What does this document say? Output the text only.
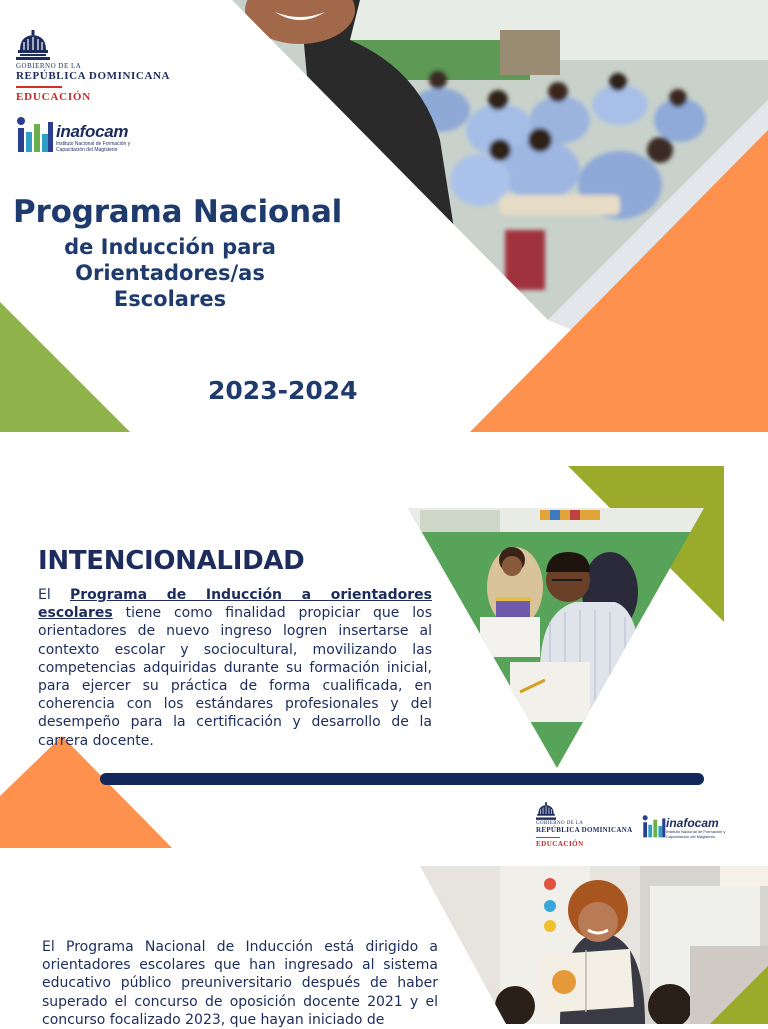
GOBIERNO DE LA
REPÚBLICA DOMINICANA
EDUCACIÓN
inafocam
Instituto Nacional de Formación y Capacitación del Magisterio
Programa Nacional
de Inducción para
Orientadores/as
Escolares
2023-2024
INTENCIONALIDAD
El Programa de Inducción a orientadores escolares tiene como finalidad propiciar que los orientadores de nuevo ingreso logren insertarse al contexto escolar y sociocultural, movilizando las competencias adquiridas durante su formación inicial, para ejercer su práctica de forma cualificada, en coherencia con los estándares profesionales y del desempeño para la certificación y desarrollo de la carrera docente.
GOBIERNO DE LA
REPÚBLICA DOMINICANA
EDUCACIÓN
inafocam
Instituto Nacional de Formación y Capacitación del Magisterio
El Programa Nacional de Inducción está dirigido a orientadores escolares que han ingresado al sistema educativo público preuniversitario después de haber superado el concurso de oposición docente 2021 y el concurso focalizado 2023, que hayan iniciado de
